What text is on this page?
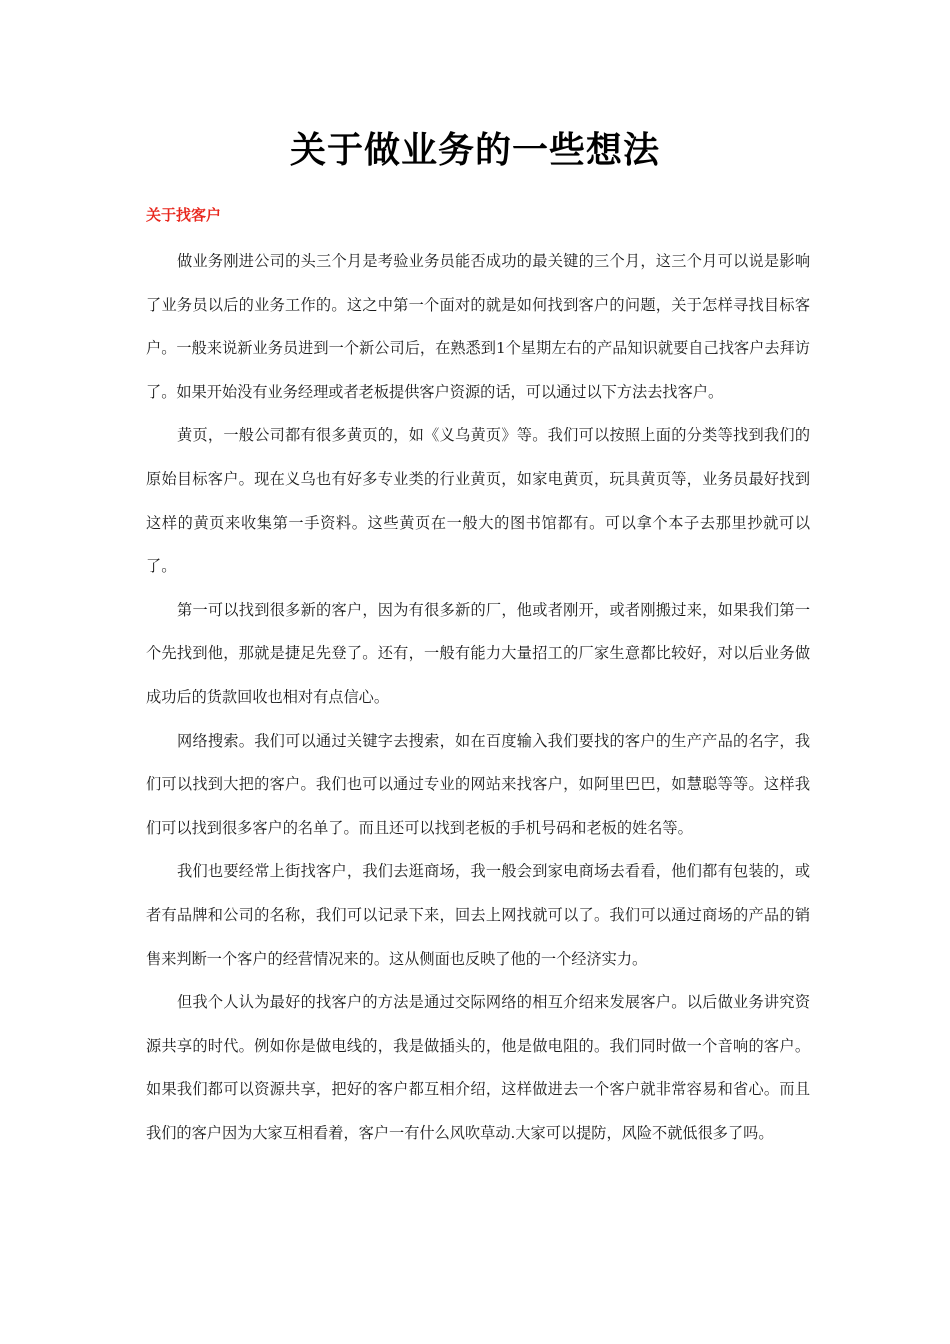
关于做业务的一些想法
关于找客户

做业务刚进公司的头三个月是考验业务员能否成功的最关键的三个月，这三个月可以说是影响了业务员以后的业务工作的。这之中第一个面对的就是如何找到客户的问题，关于怎样寻找目标客户。一般来说新业务员进到一个新公司后，在熟悉到1个星期左右的产品知识就要自己找客户去拜访了。如果开始没有业务经理或者老板提供客户资源的话，可以通过以下方法去找客户。

黄页，一般公司都有很多黄页的，如《义乌黄页》等。我们可以按照上面的分类等找到我们的原始目标客户。现在义乌也有好多专业类的行业黄页，如家电黄页，玩具黄页等，业务员最好找到这样的黄页来收集第一手资料。这些黄页在一般大的图书馆都有。可以拿个本子去那里抄就可以了。

第一可以找到很多新的客户，因为有很多新的厂，他或者刚开，或者刚搬过来，如果我们第一个先找到他，那就是捷足先登了。还有，一般有能力大量招工的厂家生意都比较好，对以后业务做成功后的货款回收也相对有点信心。

网络搜索。我们可以通过关键字去搜索，如在百度输入我们要找的客户的生产产品的名字，我们可以找到大把的客户。我们也可以通过专业的网站来找客户，如阿里巴巴，如慧聪等等。这样我们可以找到很多客户的名单了。而且还可以找到老板的手机号码和老板的姓名等。

我们也要经常上街找客户，我们去逛商场，我一般会到家电商场去看看，他们都有包装的，或者有品牌和公司的名称，我们可以记录下来，回去上网找就可以了。我们可以通过商场的产品的销售来判断一个客户的经营情况来的。这从侧面也反映了他的一个经济实力。

但我个人认为最好的找客户的方法是通过交际网络的相互介绍来发展客户。以后做业务讲究资源共享的时代。例如你是做电线的，我是做插头的，他是做电阻的。我们同时做一个音响的客户。如果我们都可以资源共享，把好的客户都互相介绍，这样做进去一个客户就非常容易和省心。而且我们的客户因为大家互相看着，客户一有什么风吹草动.大家可以提防，风险不就低很多了吗。
